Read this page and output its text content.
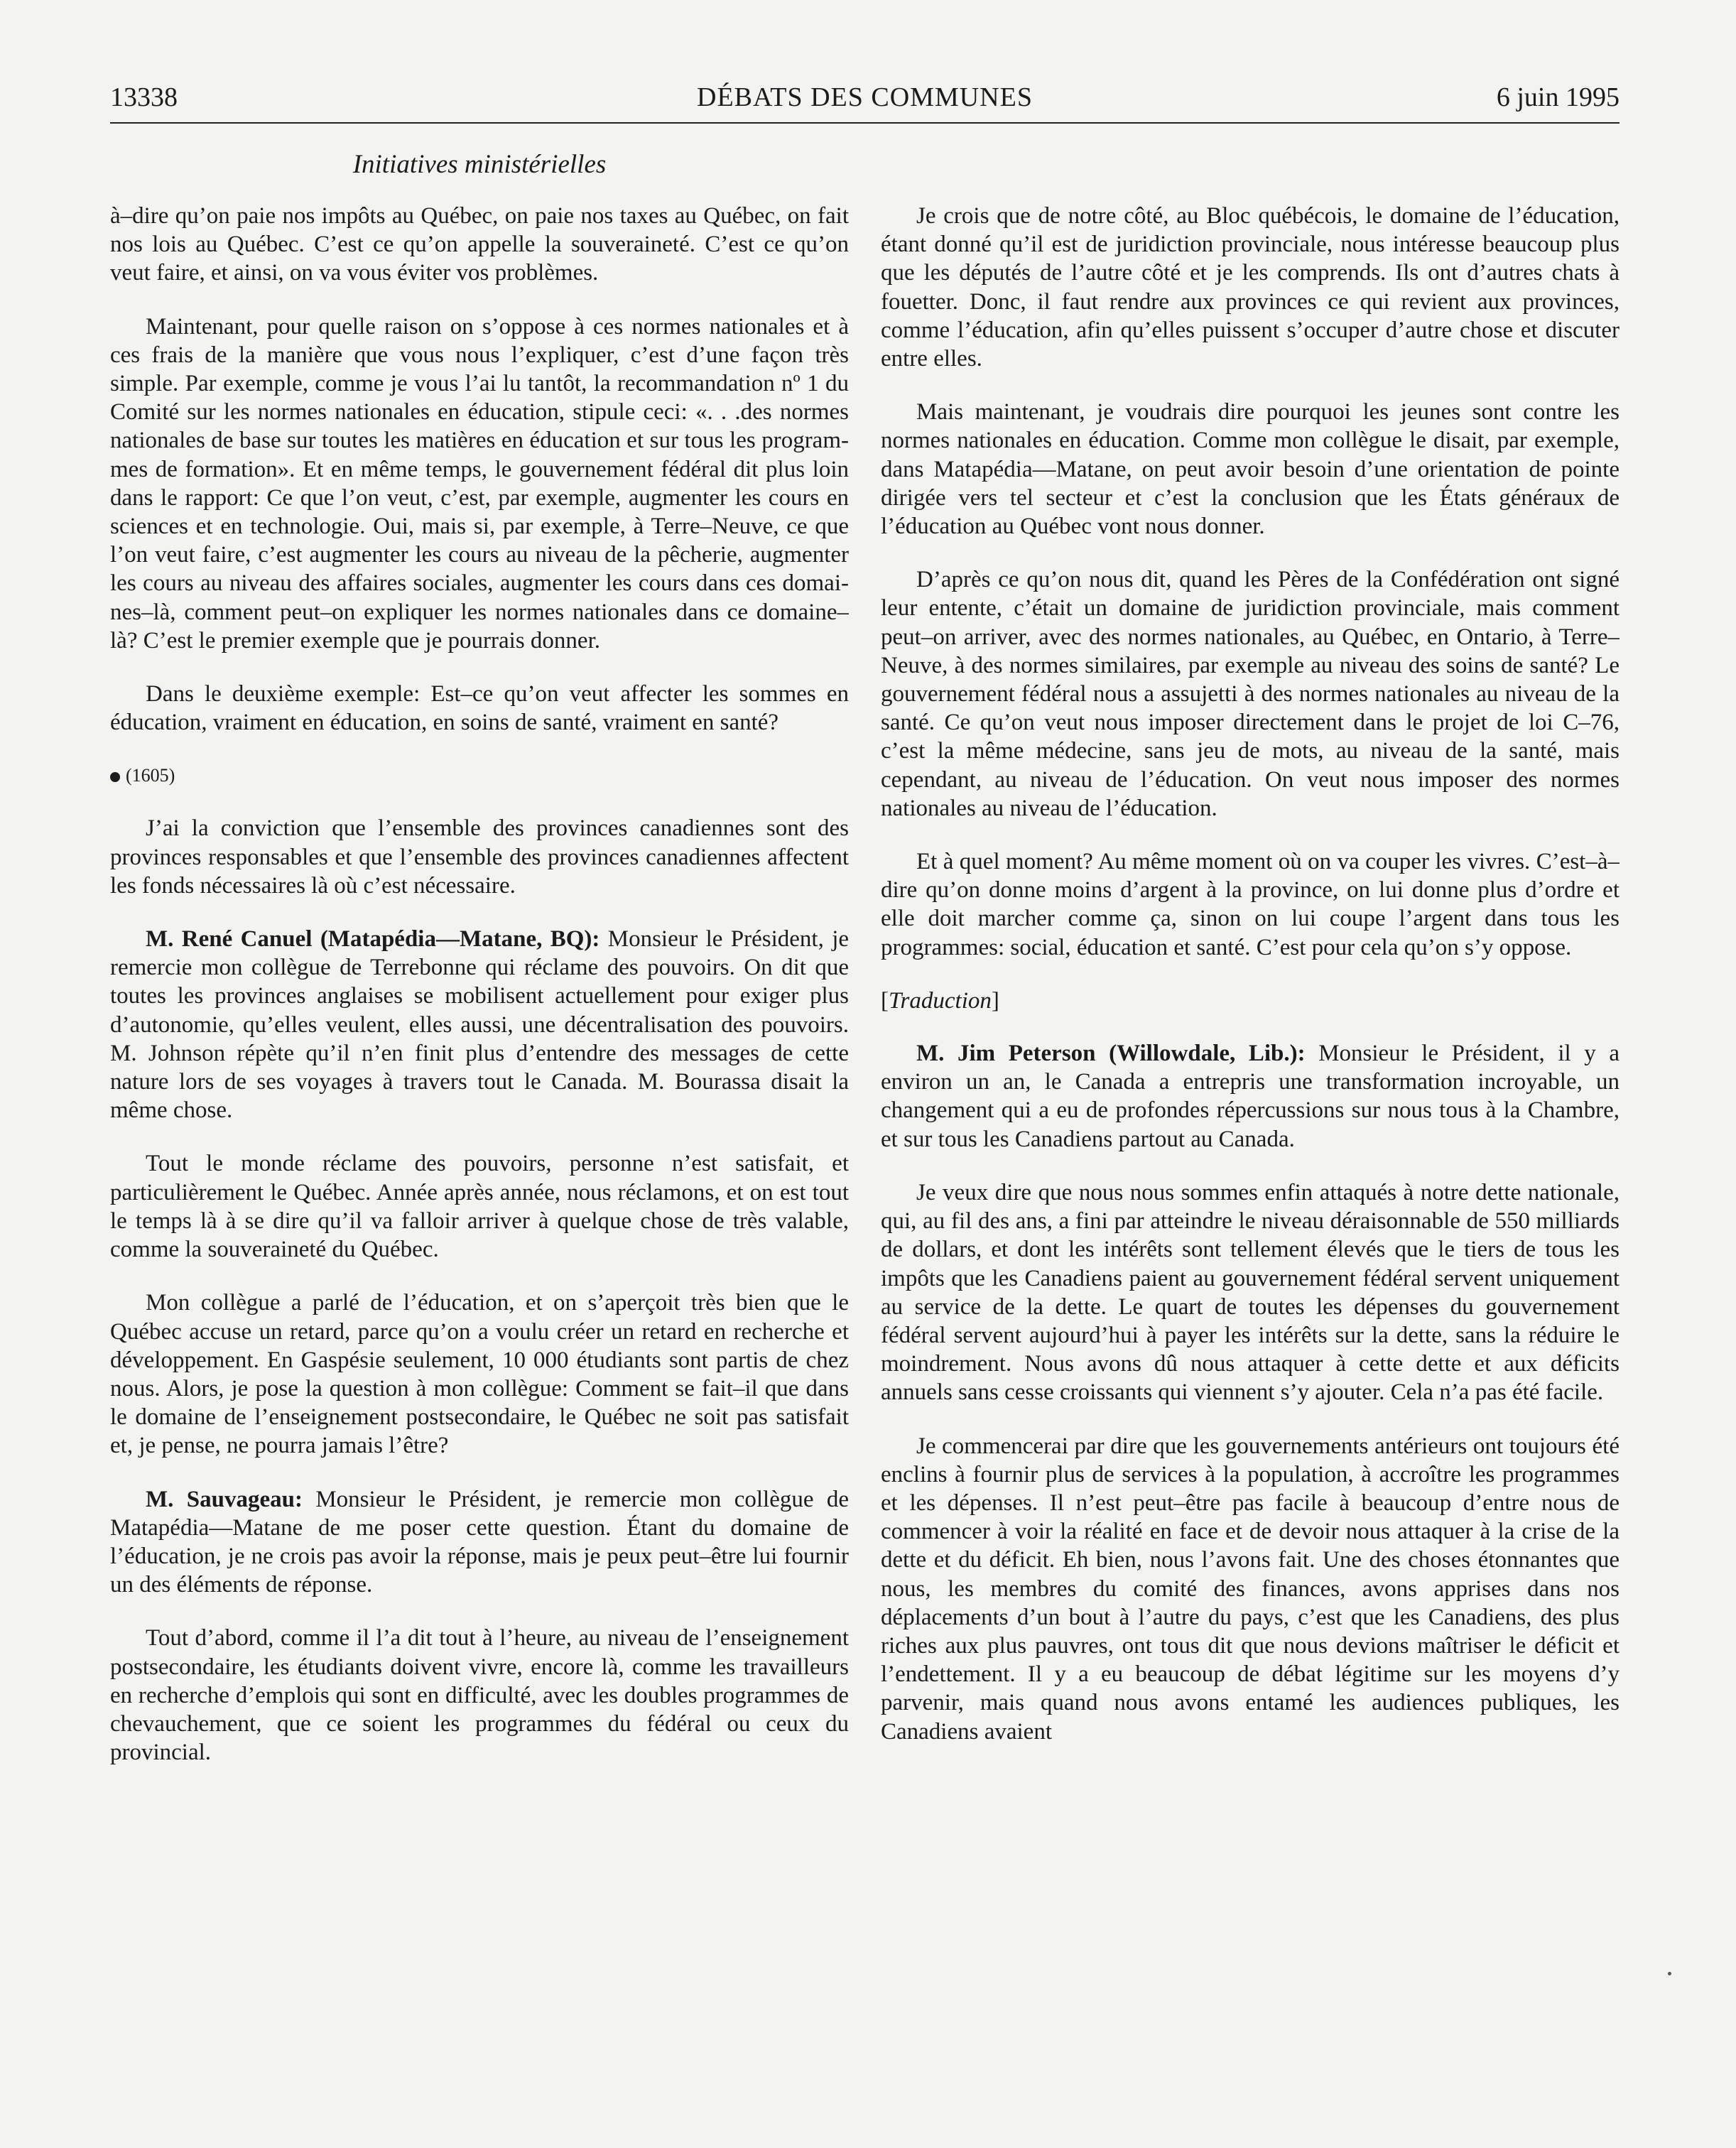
13338	DÉBATS DES COMMUNES	6 juin 1995
Initiatives ministérielles

à–dire qu’on paie nos impôts au Québec, on paie nos taxes au Québec, on fait nos lois au Québec. C’est ce qu’on appelle la souveraineté. C’est ce qu’on veut faire, et ainsi, on va vous éviter vos problèmes.

Maintenant, pour quelle raison on s’oppose à ces normes nationales et à ces frais de la manière que vous nous l’expliquer, c’est d’une façon très simple. Par exemple, comme je vous l’ai lu tantôt, la recommandation nº 1 du Comité sur les normes nationales en éducation, stipule ceci: «. . .des normes nationales de base sur toutes les matières en éducation et sur tous les programmes de formation». Et en même temps, le gouvernement fédéral dit plus loin dans le rapport: Ce que l’on veut, c’est, par exemple, augmenter les cours en sciences et en technologie. Oui, mais si, par exemple, à Terre–Neuve, ce que l’on veut faire, c’est augmenter les cours au niveau de la pêcherie, augmenter les cours au niveau des affaires sociales, augmenter les cours dans ces domaines–là, comment peut–on expliquer les normes nationales dans ce domaine–là? C’est le premier exemple que je pourrais donner.

Dans le deuxième exemple: Est–ce qu’on veut affecter les sommes en éducation, vraiment en éducation, en soins de santé, vraiment en santé?

(1605)

J’ai la conviction que l’ensemble des provinces canadiennes sont des provinces responsables et que l’ensemble des provinces canadiennes affectent les fonds nécessaires là où c’est nécessaire.

M. René Canuel (Matapédia—Matane, BQ): Monsieur le Président, je remercie mon collègue de Terrebonne qui réclame des pouvoirs. On dit que toutes les provinces anglaises se mobilisent actuellement pour exiger plus d’autonomie, qu’elles veulent, elles aussi, une décentralisation des pouvoirs. M. Johnson répète qu’il n’en finit plus d’entendre des messages de cette nature lors de ses voyages à travers tout le Canada. M. Bourassa disait la même chose.

Tout le monde réclame des pouvoirs, personne n’est satisfait, et particulièrement le Québec. Année après année, nous réclamons, et on est tout le temps là à se dire qu’il va falloir arriver à quelque chose de très valable, comme la souveraineté du Québec.

Mon collègue a parlé de l’éducation, et on s’aperçoit très bien que le Québec accuse un retard, parce qu’on a voulu créer un retard en recherche et développement. En Gaspésie seulement, 10 000 étudiants sont partis de chez nous. Alors, je pose la question à mon collègue: Comment se fait–il que dans le domaine de l’enseignement postsecondaire, le Québec ne soit pas satisfait et, je pense, ne pourra jamais l’être?

M. Sauvageau: Monsieur le Président, je remercie mon collègue de Matapédia—Matane de me poser cette question. Étant du domaine de l’éducation, je ne crois pas avoir la réponse, mais je peux peut–être lui fournir un des éléments de réponse.

Tout d’abord, comme il l’a dit tout à l’heure, au niveau de l’enseignement postsecondaire, les étudiants doivent vivre, encore là, comme les travailleurs en recherche d’emplois qui sont en difficulté, avec les doubles programmes de chevauchement, que ce soient les programmes du fédéral ou ceux du provincial.

Je crois que de notre côté, au Bloc québécois, le domaine de l’éducation, étant donné qu’il est de juridiction provinciale, nous intéresse beaucoup plus que les députés de l’autre côté et je les comprends. Ils ont d’autres chats à fouetter. Donc, il faut rendre aux provinces ce qui revient aux provinces, comme l’éducation, afin qu’elles puissent s’occuper d’autre chose et discuter entre elles.

Mais maintenant, je voudrais dire pourquoi les jeunes sont contre les normes nationales en éducation. Comme mon collègue le disait, par exemple, dans Matapédia—Matane, on peut avoir besoin d’une orientation de pointe dirigée vers tel secteur et c’est la conclusion que les États généraux de l’éducation au Québec vont nous donner.

D’après ce qu’on nous dit, quand les Pères de la Confédération ont signé leur entente, c’était un domaine de juridiction provinciale, mais comment peut–on arriver, avec des normes nationales, au Québec, en Ontario, à Terre–Neuve, à des normes similaires, par exemple au niveau des soins de santé? Le gouvernement fédéral nous a assujetti à des normes nationales au niveau de la santé. Ce qu’on veut nous imposer directement dans le projet de loi C–76, c’est la même médecine, sans jeu de mots, au niveau de la santé, mais cependant, au niveau de l’éducation. On veut nous imposer des normes nationales au niveau de l’éducation.

Et à quel moment? Au même moment où on va couper les vivres. C’est–à–dire qu’on donne moins d’argent à la province, on lui donne plus d’ordre et elle doit marcher comme ça, sinon on lui coupe l’argent dans tous les programmes: social, éducation et santé. C’est pour cela qu’on s’y oppose.

[Traduction]

M. Jim Peterson (Willowdale, Lib.): Monsieur le Président, il y a environ un an, le Canada a entrepris une transformation incroyable, un changement qui a eu de profondes répercussions sur nous tous à la Chambre, et sur tous les Canadiens partout au Canada.

Je veux dire que nous nous sommes enfin attaqués à notre dette nationale, qui, au fil des ans, a fini par atteindre le niveau déraisonnable de 550 milliards de dollars, et dont les intérêts sont tellement élevés que le tiers de tous les impôts que les Canadiens paient au gouvernement fédéral servent uniquement au service de la dette. Le quart de toutes les dépenses du gouvernement fédéral servent aujourd’hui à payer les intérêts sur la dette, sans la réduire le moindrement. Nous avons dû nous attaquer à cette dette et aux déficits annuels sans cesse croissants qui viennent s’y ajouter. Cela n’a pas été facile.

Je commencerai par dire que les gouvernements antérieurs ont toujours été enclins à fournir plus de services à la population, à accroître les programmes et les dépenses. Il n’est peut–être pas facile à beaucoup d’entre nous de commencer à voir la réalité en face et de devoir nous attaquer à la crise de la dette et du déficit. Eh bien, nous l’avons fait. Une des choses étonnantes que nous, les membres du comité des finances, avons apprises dans nos déplacements d’un bout à l’autre du pays, c’est que les Canadiens, des plus riches aux plus pauvres, ont tous dit que nous devions maîtriser le déficit et l’endettement. Il y a eu beaucoup de débat légitime sur les moyens d’y parvenir, mais quand nous avons entamé les audiences publiques, les Canadiens avaient
